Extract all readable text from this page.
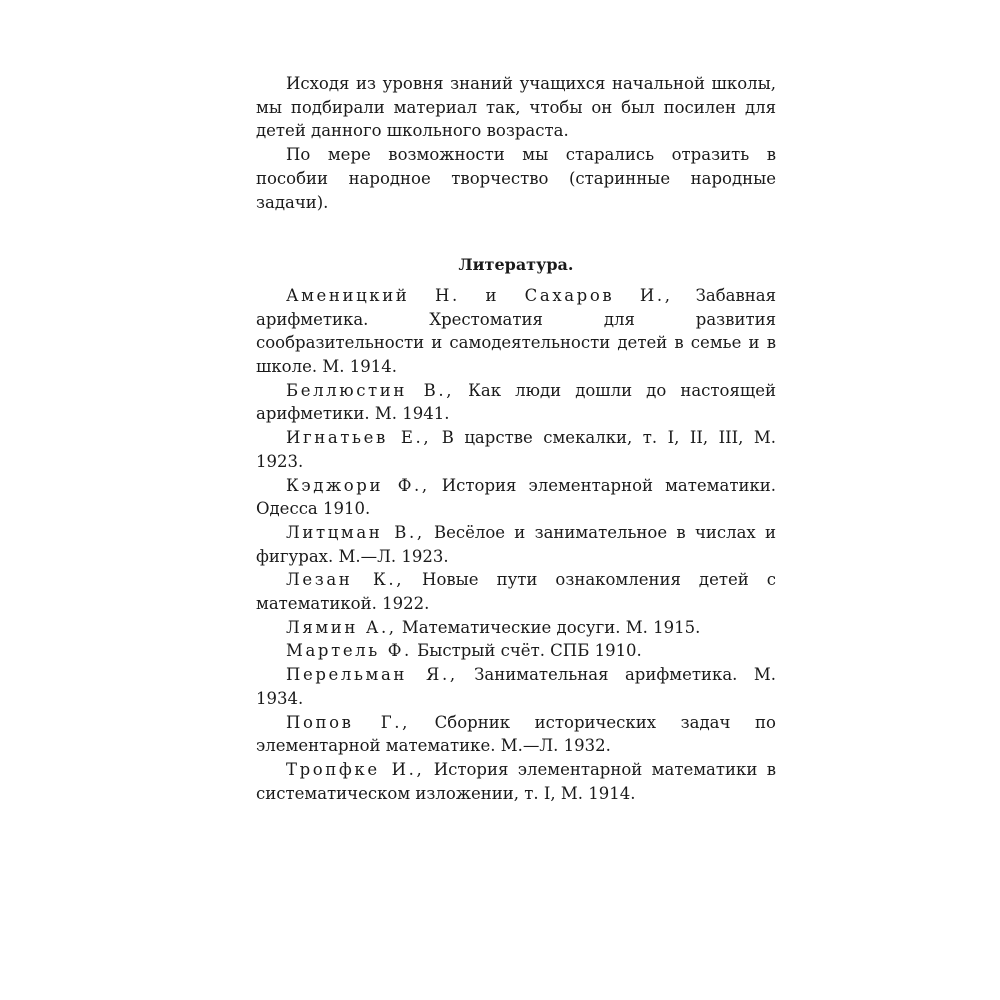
Исходя из уровня знаний учащихся начальной школы, мы подбирали материал так, чтобы он был посилен для детей данного школьного возраста.

По мере возможности мы старались отразить в пособии народное творчество (старинные народные задачи).

Литература.

Аменицкий Н. и Сахаров И., Забавная арифметика. Хрестоматия для развития сообразительности и самодеятельности детей в семье и в школе. М. 1914.

Беллюстин В., Как люди дошли до настоящей арифметики. М. 1941.

Игнатьев Е., В царстве смекалки, т. I, II, III, М. 1923.

Кэджори Ф., История элементарной математики. Одесса 1910.

Литцман В., Весёлое и занимательное в числах и фигурах. М.—Л. 1923.

Лезан К., Новые пути ознакомления детей с математикой. 1922.

Лямин А., Математические досуги. М. 1915.

Мартель Ф. Быстрый счёт. СПБ 1910.

Перельман Я., Занимательная арифметика. М. 1934.

Попов Г., Сборник исторических задач по элементарной математике. М.—Л. 1932.

Тропфке И., История элементарной математики в систематическом изложении, т. I, М. 1914.
